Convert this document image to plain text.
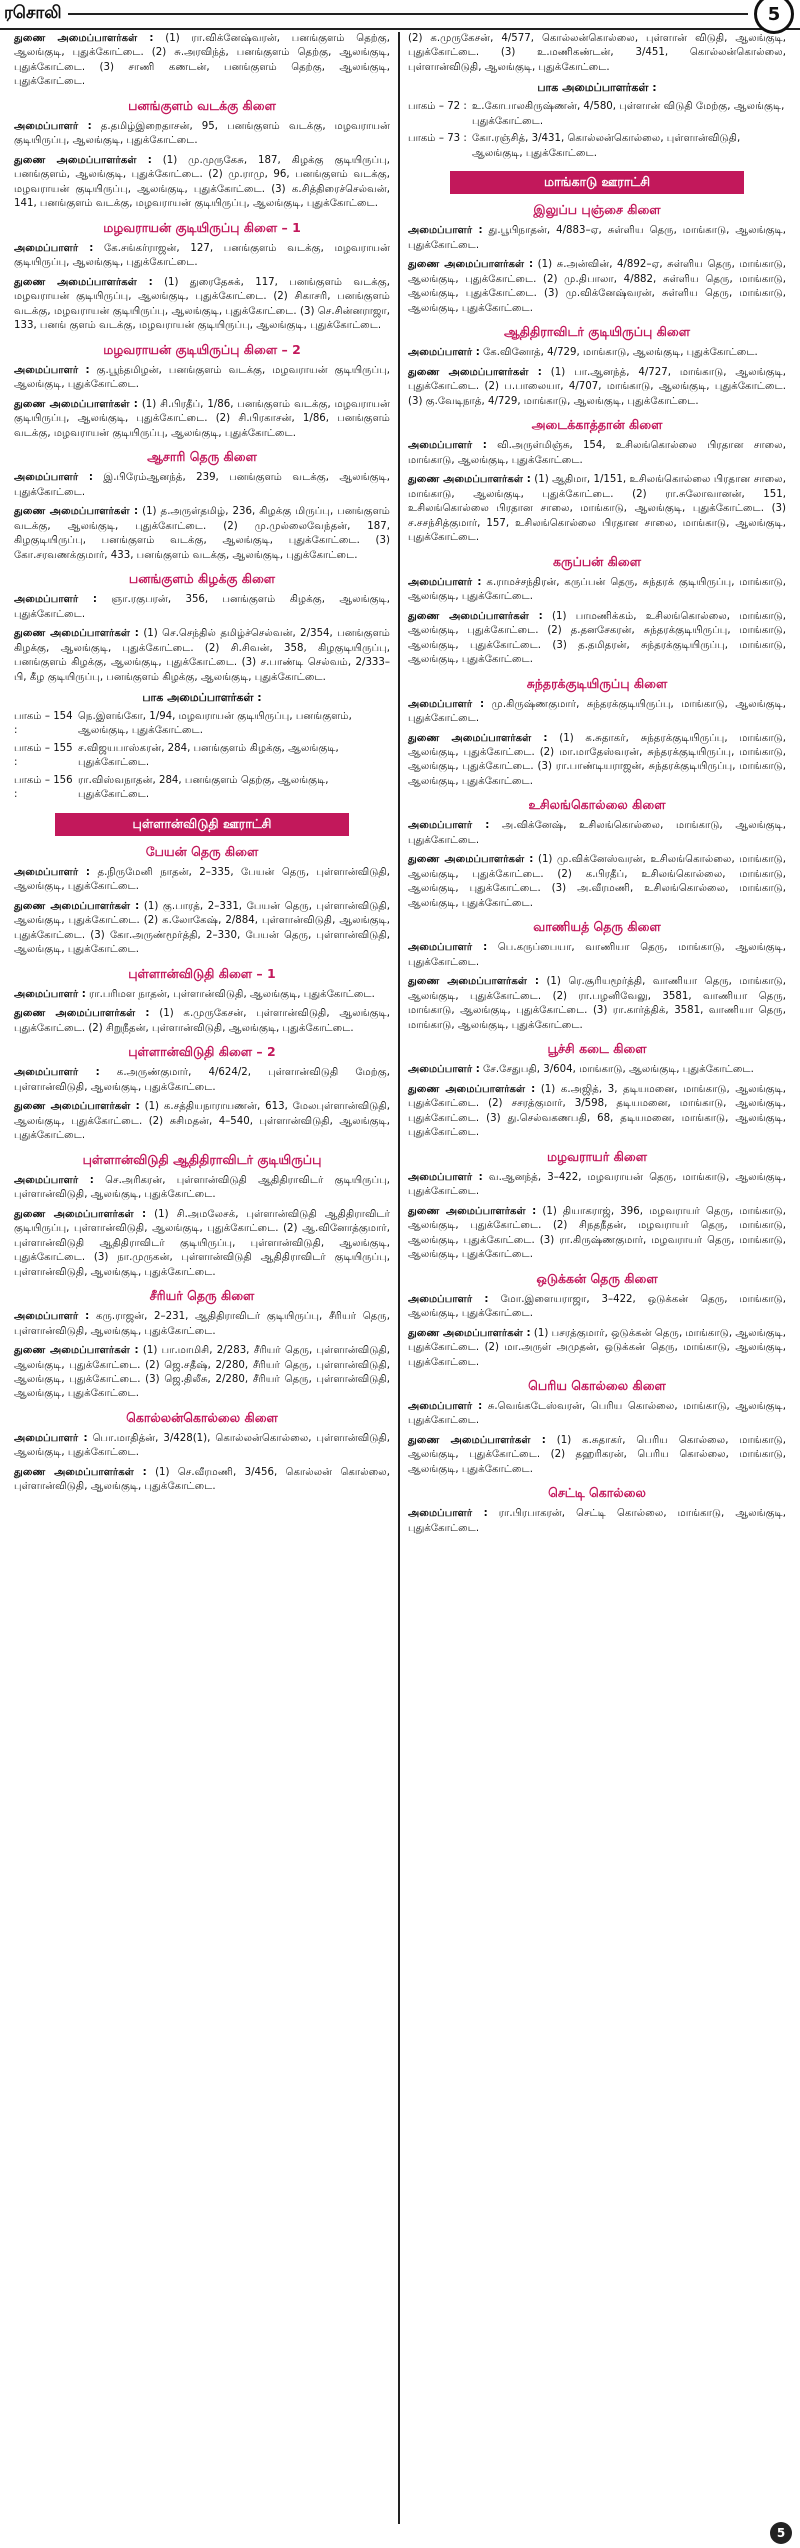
ரசொலி	5

துணை அமைப்பாளர்கள் : (1) ரா.விக்னேஷ்வரன், பனங்குளம் தெற்கு, ஆலங்குடி, புதுக்கோட்டை. (2) சு.அரவிந்த், பனங்குளம் தெற்கு, ஆலங்குடி, புதுக்கோட்டை. (3) சாணி கணடன், பனங்குளம் தெற்கு, ஆலங்குடி, புதுக்கோட்டை.

பனங்குளம் வடக்கு கிளை

அமைப்பாளர் : த.தமிழ்இறைதாசன், 95, பனங்குளம் வடக்கு, மழவராயன் குடியிருப்பு, ஆலங்குடி, புதுக்கோட்டை.

துணை அமைப்பாளர்கள் : (1) மு.முருகேசு, 187, கிழக்கு குடியிருப்பு, பனங்குளம், ஆலங்குடி, புதுக்கோட்டை. (2) மு.ராமு, 96, பனங்குளம் வடக்கு, மழவராயன் குடியிருப்பு, ஆலங்குடி, புதுக்கோட்டை. (3) க.சித்திரைச்செல்வன், 141, பனங்குளம் வடக்கு, மழவராயன் குடியிருப்பு, ஆலங்குடி, புதுக்கோட்டை.

மழவராயன் குடியிருப்பு கிளை – 1

அமைப்பாளர் : கே.சங்கர்ராஜன், 127, பனங்குளம் வடக்கு, மழவராயன் குடியிருப்பு, ஆலங்குடி, புதுக்கோட்டை.

துணை அமைப்பாளர்கள் : (1) துரைதேசுக், 117, பனங்குளம் வடக்கு, மழவராயன் குடியிருப்பு, ஆலங்குடி, புதுக்கோட்டை. (2) சிகாசரி, பனங்குளம் வடக்கு, மழவராயன் குடியிருப்பு, ஆலங்குடி, புதுக்கோட்டை. (3) செ.சின்னராஜா, 133, பனங் குளம் வடக்கு, மழவராயன் குடியிருப்பு, ஆலங்குடி, புதுக்கோட்டை.

மழவராயன் குடியிருப்பு கிளை – 2

அமைப்பாளர் : கு.பூந்தமிழன், பனங்குளம் வடக்கு, மழவராயன் குடியிருப்பு, ஆலங்குடி, புதுக்கோட்டை.

துணை அமைப்பாளர்கள் : (1) சி.பிரதீப், 1/86, பனங்குளம் வடக்கு, மழவராயன் குடியிருப்பு, ஆலங்குடி, புதுக்கோட்டை. (2) சி.பிரகாசன், 1/86, பனங்குளம் வடக்கு, மழவராயன் குடியிருப்பு, ஆலங்குடி, புதுக்கோட்டை.

ஆசாரி தெரு கிளை

அமைப்பாளர் : இ.பிரேம்ஆனந்த், 239, பனங்குளம் வடக்கு, ஆலங்குடி, புதுக்கோட்டை.

துணை அமைப்பாளர்கள் : (1) த.அருள்தமிழ், 236, கிழக்கு மிருப்பு, பனங்குளம் வடக்கு, ஆலங்குடி, புதுக்கோட்டை. (2) மு.முல்லைவேந்தன், 187, கிழகுடியிருப்பு, பனங்குளம் வடக்கு, ஆலங்குடி, புதுக்கோட்டை. (3) கோ.சரவணக்குமார், 433, பனங்குளம் வடக்கு, ஆலங்குடி, புதுக்கோட்டை.

பனங்குளம் கிழக்கு கிளை

அமைப்பாளர் : ஞா.ரகுபரன், 356, பனங்குளம் கிழக்கு, ஆலங்குடி, புதுக்கோட்டை.

துணை அமைப்பாளர்கள் : (1) செ.செந்தில் தமிழ்ச்செல்வன், 2/354, பனங்குளம் கிழக்கு, ஆலங்குடி, புதுக்கோட்டை. (2) சி.சிவன், 358, கிழகுடியிருப்பு, பனங்குளம் கிழக்கு, ஆலங்குடி, புதுக்கோட்டை. (3) ச.பாண்டி செல்வம், 2/333–பி, கீழ குடியிருப்பு, பனங்குளம் கிழக்கு, ஆலங்குடி, புதுக்கோட்டை.

பாக அமைப்பாளர்கள் :
பாகம் – 154 :
நெ.இளங்கோ, 1/94, மழவராயன் குடியிருப்பு, பனங்குளம், ஆலங்குடி, புதுக்கோட்டை.
பாகம் – 155 :
ச.விஜயபாஸ்கரன், 284, பனங்குளம் கிழக்கு, ஆலங்குடி, புதுக்கோட்டை.
பாகம் – 156 :
ரா.விஸ்வநாதன், 284, பனங்குளம் தெற்கு, ஆலங்குடி, புதுக்கோட்டை.
புள்ளான்விடுதி ஊராட்சி
பேயன் தெரு கிளை

அமைப்பாளர் : த.நிருமேனி நாதன், 2–335, பேயன் தெரு, புள்ளான்விடுதி, ஆலங்குடி, புதுக்கோட்டை.

துணை அமைப்பாளர்கள் : (1) கு.பாரத், 2–331, பேயன் தெரு, புள்ளான்விடுதி, ஆலங்குடி, புதுக்கோட்டை. (2) க.லோகேஷ், 2/884, புள்ளான்விடுதி, ஆலங்குடி, புதுக்கோட்டை. (3) கோ.அருண்மூர்த்தி, 2–330, பேயன் தெரு, புள்ளான்விடுதி, ஆலங்குடி, புதுக்கோட்டை.

புள்ளான்விடுதி கிளை – 1

அமைப்பாளர் : ரா.பரிமள நாதன், புள்ளான்விடுதி, ஆலங்குடி, புதுக்கோட்டை.

துணை அமைப்பாளர்கள் : (1) க.முருகேசன், புள்ளான்விடுதி, ஆலங்குடி, புதுக்கோட்டை. (2) சிறுநீதன், புள்ளான்விடுதி, ஆலங்குடி, புதுக்கோட்டை.

புள்ளான்விடுதி கிளை – 2

அமைப்பாளர் : க.அருண்குமார், 4/624/2, புள்ளான்விடுதி மேற்கு, புள்ளான்விடுதி, ஆலங்குடி, புதுக்கோட்டை.

துணை அமைப்பாளர்கள் : (1) க.சத்தியநாராயணன், 613, மேலபுள்ளான்விடுதி, ஆலங்குடி, புதுக்கோட்டை. (2) சுசிமதன், 4–540, புள்ளான்விடுதி, ஆலங்குடி, புதுக்கோட்டை.

புள்ளான்விடுதி ஆதிதிராவிடர் குடியிருப்பு

அமைப்பாளர் : செ.அரிகரன், புள்ளான்விடுதி ஆதிதிராவிடர் குடியிருப்பு, புள்ளான்விடுதி, ஆலங்குடி, புதுக்கோட்டை.

துணை அமைப்பாளர்கள் : (1) சி.அமலேசக், புள்ளான்விடுதி ஆதிதிராவிடர் குடியிருப்பு, புள்ளான்விடுதி, ஆலங்குடி, புதுக்கோட்டை. (2) ஆ.வினோத்குமார், புள்ளான்விடுதி ஆதிதிராவிடர் குடியிருப்பு, புள்ளான்விடுதி, ஆலங்குடி, புதுக்கோட்டை. (3) நா.முருகன், புள்ளான்விடுதி ஆதிதிராவிடர் குடியிருப்பு, புள்ளான்விடுதி, ஆலங்குடி, புதுக்கோட்டை.

சீரியர் தெரு கிளை

அமைப்பாளர் : கரு.ராஜன், 2–231, ஆதிதிராவிடர் குடியிருப்பு, சீரியர் தெரு, புள்ளான்விடுதி, ஆலங்குடி, புதுக்கோட்டை.

துணை அமைப்பாளர்கள் : (1) பா.மாமிசி, 2/283, சீரியர் தெரு, புள்ளான்விடுதி, ஆலங்குடி, புதுக்கோட்டை. (2) ஜெ.சதீஷ், 2/280, சீரியர் தெரு, புள்ளான்விடுதி, ஆலங்குடி, புதுக்கோட்டை. (3) ஜெ.திலீசு, 2/280, சீரியர் தெரு, புள்ளான்விடுதி, ஆலங்குடி, புதுக்கோட்டை.

கொல்லன்கொல்லை கிளை

அமைப்பாளர் : பொ.மாதித்ன், 3/428(1), கொல்லன்கொல்லை, புள்ளான்விடுதி, ஆலங்குடி, புதுக்கோட்டை.

துணை அமைப்பாளர்கள் : (1) செ.வீரமணி, 3/456, கொல்லன் கொல்லை, புள்ளான்விடுதி, ஆலங்குடி, புதுக்கோட்டை.

(2) க.முருகேசன், 4/577, கொல்லன்கொல்லை, புள்ளான் விடுதி, ஆலங்குடி, புதுக்கோட்டை. (3) உ.மணிகண்டன், 3/451, கொல்லன்கொல்லை, புள்ளான்விடுதி, ஆலங்குடி, புதுக்கோட்டை.

பாக அமைப்பாளர்கள் :
பாகம் – 72 : உ.கோபாலகிருஷ்ணன், 4/580, புள்ளான் விடுதி மேற்கு, ஆலங்குடி, புதுக்கோட்டை.
பாகம் – 73 : கோ.ரஞ்சித், 3/431, கொல்லன்கொல்லை, புள்ளான்விடுதி, ஆலங்குடி, புதுக்கோட்டை.
மாங்காடு ஊராட்சி
இலுப்ப புஞ்சை கிளை

அமைப்பாளர் : து.பூபிநாதன், 4/883–ஏ, சுள்ளிய தெரு, மாங்காடு, ஆலங்குடி, புதுக்கோட்டை.

துணை அமைப்பாளர்கள் : (1) சு.அன்வின், 4/892–ஏ, சுள்ளிய தெரு, மாங்காடு, ஆலங்குடி, புதுக்கோட்டை. (2) மு.திபாலா, 4/882, சுள்ளிய தெரு, மாங்காடு, ஆலங்குடி, புதுக்கோட்டை. (3) மு.விக்னேஷ்வரன், சுள்ளிய தெரு, மாங்காடு, ஆலங்குடி, புதுக்கோட்டை.

ஆதிதிராவிடர் குடியிருப்பு கிளை

அமைப்பாளர் : கே.வினோத், 4/729, மாங்காடு, ஆலங்குடி, புதுக்கோட்டை.

துணை அமைப்பாளர்கள் : (1) பா.ஆனந்த், 4/727, மாங்காடு, ஆலங்குடி, புதுக்கோட்டை. (2) ப.பாலையா, 4/707, மாங்காடு, ஆலங்குடி, புதுக்கோட்டை. (3) கு.வேடிநாத், 4/729, மாங்காடு, ஆலங்குடி, புதுக்கோட்டை.

அடைக்காத்தான் கிளை

அமைப்பாளர் : வி.அருள்மிஞ்சு, 154, உசிலங்கொல்லை பிரதான சாலை, மாங்காடு, ஆலங்குடி, புதுக்கோட்டை.

துணை அமைப்பாளர்கள் : (1) ஆதிமா, 1/151, உசிலங்கொல்லை பிரதான சாலை, மாங்காடு, ஆலங்குடி, புதுக்கோட்டை. (2) ரா.சுலோவானன், 151, உசிலங்கொல்லை பிரதான சாலை, மாங்காடு, ஆலங்குடி, புதுக்கோட்டை. (3) ச.சசந்சித்குமார், 157, உசிலங்கொல்லை பிரதான சாலை, மாங்காடு, ஆலங்குடி, புதுக்கோட்டை.

கருப்பன் கிளை

அமைப்பாளர் : க.ராமச்சந்திரன், கருப்பன் தெரு, சுந்தரக் குடியிருப்பு, மாங்காடு, ஆலங்குடி, புதுக்கோட்டை.

துணை அமைப்பாளர்கள் : (1) பாமணிக்கம், உசிலங்கொல்லை, மாங்காடு, ஆலங்குடி, புதுக்கோட்டை. (2) த.தனசேகரன், சுந்தரக்குடியிருப்பு, மாங்காடு, ஆலங்குடி, புதுக்கோட்டை. (3) த.தமிதரன், சுந்தரக்குடியிருப்பு, மாங்காடு, ஆலங்குடி, புதுக்கோட்டை.

சுந்தரக்குடியிருப்பு கிளை

அமைப்பாளர் : மு.கிருஷ்ணகுமார், சுந்தரக்குடியிருப்பு, மாங்காடு, ஆலங்குடி, புதுக்கோட்டை.

துணை அமைப்பாளர்கள் : (1) க.சுதாகர், சுந்தரக்குடியிருப்பு, மாங்காடு, ஆலங்குடி, புதுக்கோட்டை. (2) மா.மாதேஸ்வரன், சுந்தரக்குடியிருப்பு, மாங்காடு, ஆலங்குடி, புதுக்கோட்டை. (3) ரா.பாண்டியராஜன், சுந்தரக்குடியிருப்பு, மாங்காடு, ஆலங்குடி, புதுக்கோட்டை.

உசிலங்கொல்லை கிளை

அமைப்பாளர் : அ.விக்னேஷ், உசிலங்கொல்லை, மாங்காடு, ஆலங்குடி, புதுக்கோட்டை.

துணை அமைப்பாளர்கள் : (1) மு.விக்னேஸ்வரன், உசிலங்கொல்லை, மாங்காடு, ஆலங்குடி, புதுக்கோட்டை. (2) க.பிரதீப், உசிலங்கொல்லை, மாங்காடு, ஆலங்குடி, புதுக்கோட்டை. (3) அ.வீரமணி, உசிலங்கொல்லை, மாங்காடு, ஆலங்குடி, புதுக்கோட்டை.

வாணியத் தெரு கிளை

அமைப்பாளர் : பெ.கருப்பையா, வாணியா தெரு, மாங்காடு, ஆலங்குடி, புதுக்கோட்டை.

துணை அமைப்பாளர்கள் : (1) ரெ.சூரியமூர்த்தி, வாணியா தெரு, மாங்காடு, ஆலங்குடி, புதுக்கோட்டை. (2) ரா.பழனிவேலு, 3581, வாணியா தெரு, மாங்காடு, ஆலங்குடி, புதுக்கோட்டை. (3) ரா.கார்த்திக், 3581, வாணியா தெரு, மாங்காடு, ஆலங்குடி, புதுக்கோட்டை.

பூச்சி கடை கிளை

அமைப்பாளர் : சே.சேதுபதி, 3/604, மாங்காடு, ஆலங்குடி, புதுக்கோட்டை.

துணை அமைப்பாளர்கள் : (1) க.அஜித், 3, தடியமனை, மாங்காடு, ஆலங்குடி, புதுக்கோட்டை. (2) சசரத்குமார், 3/598, தடியமனை, மாங்காடு, ஆலங்குடி, புதுக்கோட்டை. (3) து.செல்வகணபதி, 68, தடியமனை, மாங்காடு, ஆலங்குடி, புதுக்கோட்டை.

மழவராயர் கிளை

அமைப்பாளர் : வ.ஆனந்த், 3–422, மழவராயன் தெரு, மாங்காடு, ஆலங்குடி, புதுக்கோட்டை.

துணை அமைப்பாளர்கள் : (1) தியாகராஜ், 396, மழவராயர் தெரு, மாங்காடு, ஆலங்குடி, புதுக்கோட்டை. (2) சிநதநீதன், மழவராயர் தெரு, மாங்காடு, ஆலங்குடி, புதுக்கோட்டை. (3) ரா.கிருஷ்ணகுமார், மழவராயர் தெரு, மாங்காடு, ஆலங்குடி, புதுக்கோட்டை.

ஒடுக்கன் தெரு கிளை

அமைப்பாளர் : மோ.இளையராஜா, 3–422, ஒடுக்கன் தெரு, மாங்காடு, ஆலங்குடி, புதுக்கோட்டை.

துணை அமைப்பாளர்கள் : (1) பசரத்குமார், ஒடுக்கன் தெரு, மாங்காடு, ஆலங்குடி, புதுக்கோட்டை. (2) மா.அருள் அமுதன், ஒடுக்கன் தெரு, மாங்காடு, ஆலங்குடி, புதுக்கோட்டை.

பெரிய கொல்லை கிளை

அமைப்பாளர் : சு.வெங்கடேஸ்வரன், பெரிய கொல்லை, மாங்காடு, ஆலங்குடி, புதுக்கோட்டை.

துணை அமைப்பாளர்கள் : (1) க.சுதாகர், பெரிய கொல்லை, மாங்காடு, ஆலங்குடி, புதுக்கோட்டை. (2) தஹரிகரன், பெரிய கொல்லை, மாங்காடு, ஆலங்குடி, புதுக்கோட்டை.

செட்டி கொல்லை

அமைப்பாளர் : ரா.பிரபாகரன், செட்டி கொல்லை, மாங்காடு, ஆலங்குடி, புதுக்கோட்டை.

5
